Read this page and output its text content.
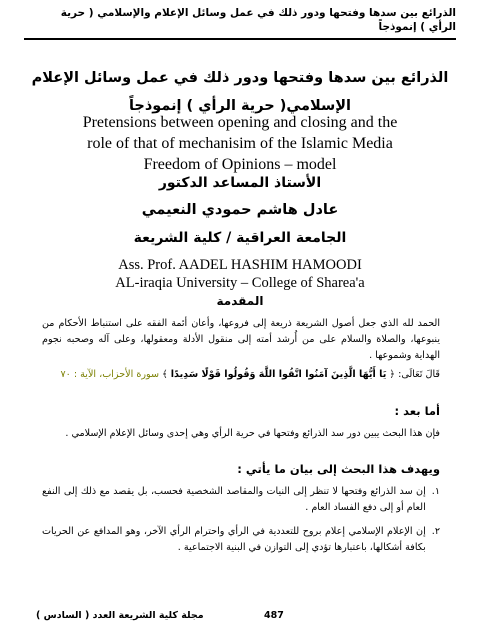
الذرائع بين سدها وفتحها ودور ذلك في عمل وسائل الإعلام والإسلامي ( حرية الرأي ) إنموذجاً
الذرائع بين سدها وفتحها ودور ذلك في عمل وسائل الإعلام
الإسلامي( حرية الرأي ) إنموذجاً
Pretensions between opening and closing and the
role of that of mechanisim of the Islamic Media
Freedom of Opinions – model
الأستاذ المساعد الدكتور
عادل هاشم حمودي النعيمي
الجامعة العراقية / كلية الشريعة
Ass. Prof. AADEL HASHIM HAMOODI
AL-iraqia University – College of Sharea'a
المقدمة
الحمد لله الذي جعل أصول الشريعة ذريعة إلى فروعها، وأعان أئمة الفقه على استنباط الأحكام من ينبوعها، والصلاة والسلام على من أُرشد أمته إلى منقول الأدلة ومعقولها، وعلى آله وصحبه نجوم الهداية وشموعها .
قَالَ تَعَالَى: ﴿ يَا أَيُّهَا الَّذِينَ آمَنُوا اتَّقُوا اللَّهَ وَقُولُوا قَوْلًا سَدِيدًا ﴾ سورة الأحزاب، الآية : ٧٠
أما بعد :
فإن هذا البحث يبين دور سد الذرائع وفتحها في حرية الرأي وهي إحدى وسائل الإعلام الإسلامي .
ويهدف هذا البحث إلى بيان ما يأتي :
١.
إن سد الذرائع وفتحها لا تنظر إلى النيات والمقاصد الشخصية فحسب، بل يقصد مع ذلك إلى النفع العام أو إلى دفع الفساد العام .
٢.
إن الإعلام الإسلامي إعلام بروح للتعددية في الرأي واحترام الرأي الآخر، وهو المدافع عن الحريات بكافة أشكالها، باعتبارها تؤدي إلى التوازن في البنية الاجتماعية .
مجلة كلية الشريعة العدد ( السادس )	487
